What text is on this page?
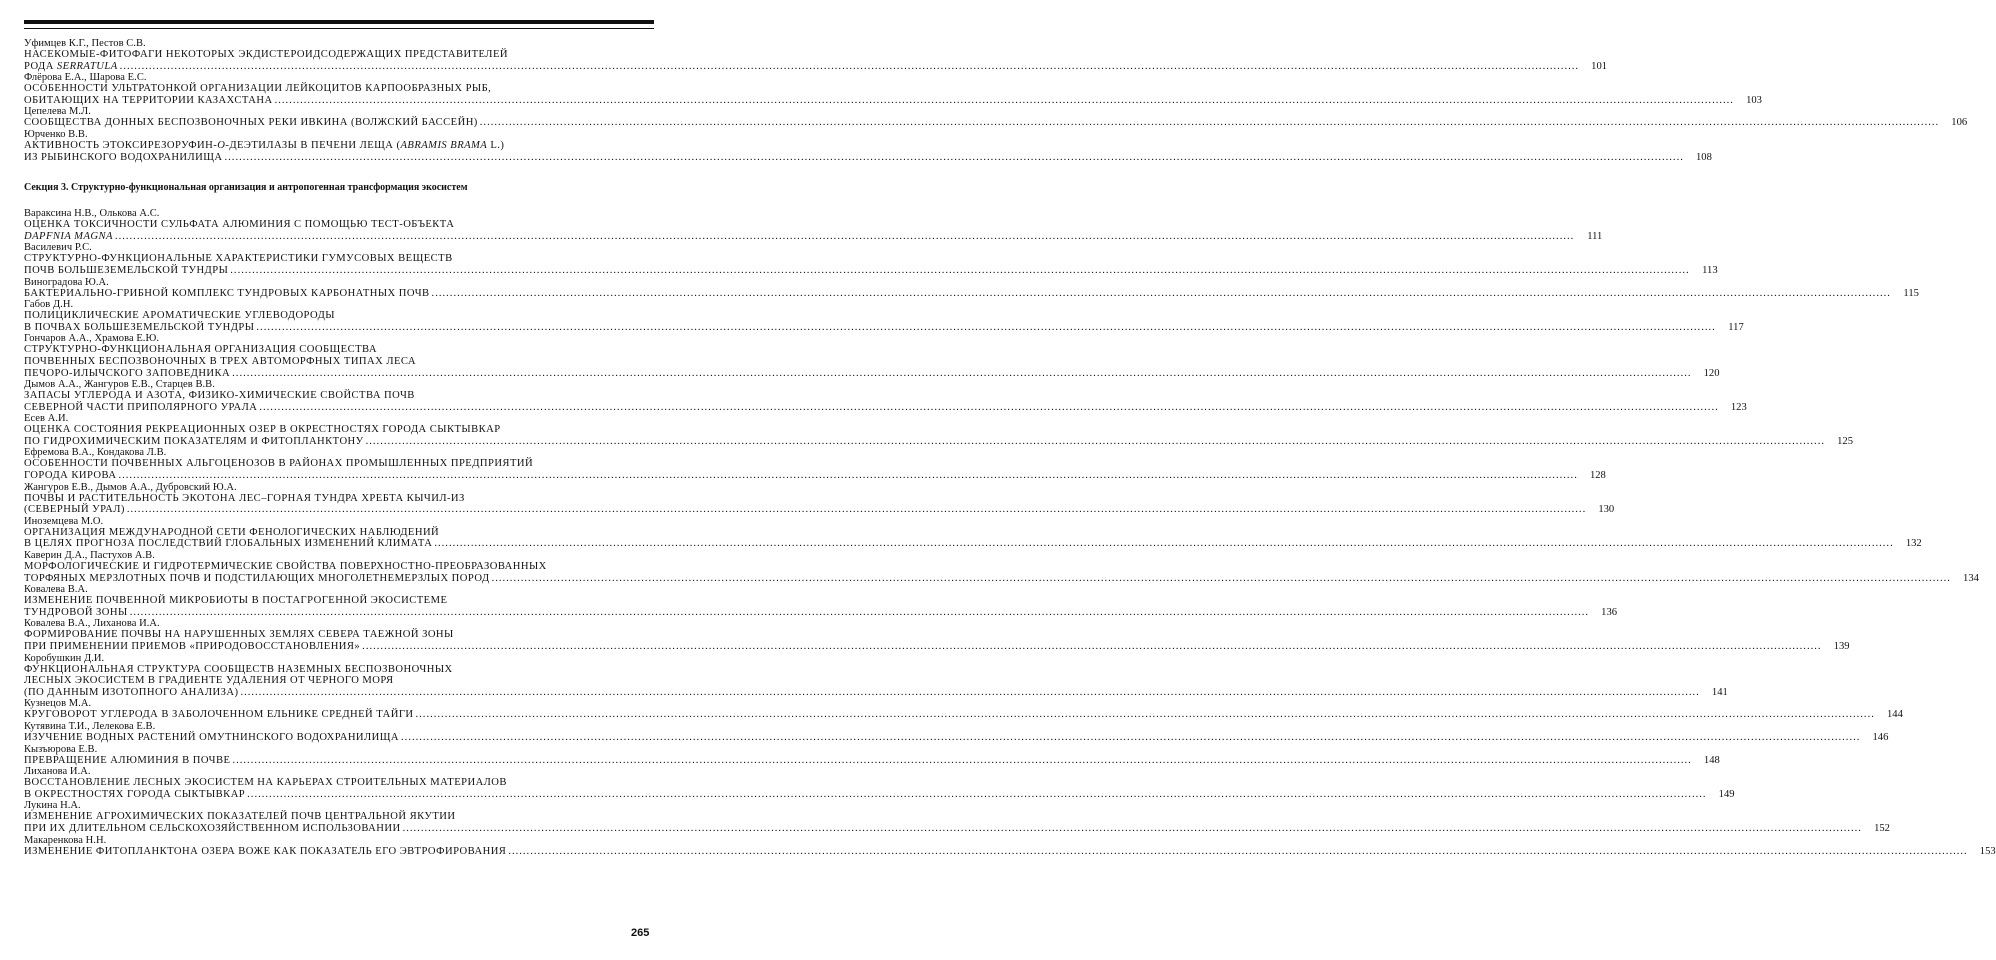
Уфимцев К.Г., Пестов С.В.
НАСЕКОМЫЕ-ФИТОФАГИ НЕКОТОРЫХ ЭКДИСТЕРОИДСОДЕРЖАЩИХ ПРЕДСТАВИТЕЛЕЙ
РОДА SERRATULA ................................................................................................................................................................................................................................................................................................................................................................................................................	101
Флёрова Е.А., Шарова Е.С.
ОСОБЕННОСТИ УЛЬТРАТОНКОЙ ОРГАНИЗАЦИИ ЛЕЙКОЦИТОВ КАРПООБРАЗНЫХ РЫБ,
ОБИТАЮЩИХ НА ТЕРРИТОРИИ КАЗАХСТАНА ................................................................................................................................................................................................................................................................................................................................................................................................................	103
Цепелева М.Л.
СООБЩЕСТВА ДОННЫХ БЕСПОЗВОНОЧНЫХ РЕКИ ИВКИНА (ВОЛЖСКИЙ БАССЕЙН) ................................................................................................................................................................................................................................................................................................................................................................................................................	106
Юрченко В.В.
АКТИВНОСТЬ ЭТОКСИРЕЗОРУФИН-O-ДЕЭТИЛАЗЫ В ПЕЧЕНИ ЛЕЩА (ABRAMIS BRAMA L.)
ИЗ РЫБИНСКОГО ВОДОХРАНИЛИЩА ................................................................................................................................................................................................................................................................................................................................................................................................................	108
Секция 3. Структурно-функциональная организация и антропогенная трансформация экосистем
Вараксина Н.В., Олькова А.С.
ОЦЕНКА ТОКСИЧНОСТИ СУЛЬФАТА АЛЮМИНИЯ С ПОМОЩЬЮ ТЕСТ-ОБЪЕКТА
DAPFNIA MAGNA ................................................................................................................................................................................................................................................................................................................................................................................................................	111
Василевич Р.С.
СТРУКТУРНО-ФУНКЦИОНАЛЬНЫЕ ХАРАКТЕРИСТИКИ ГУМУСОВЫХ ВЕЩЕСТВ
ПОЧВ БОЛЬШЕЗЕМЕЛЬСКОЙ ТУНДРЫ ................................................................................................................................................................................................................................................................................................................................................................................................................	113
Виноградова Ю.А.
БАКТЕРИАЛЬНО-ГРИБНОЙ КОМПЛЕКС ТУНДРОВЫХ КАРБОНАТНЫХ ПОЧВ ................................................................................................................................................................................................................................................................................................................................................................................................................	115
Габов Д.Н.
ПОЛИЦИКЛИЧЕСКИЕ АРОМАТИЧЕСКИЕ УГЛЕВОДОРОДЫ
В ПОЧВАХ БОЛЬШЕЗЕМЕЛЬСКОЙ ТУНДРЫ ................................................................................................................................................................................................................................................................................................................................................................................................................	117
Гончаров А.А., Храмова Е.Ю.
СТРУКТУРНО-ФУНКЦИОНАЛЬНАЯ ОРГАНИЗАЦИЯ СООБЩЕСТВА
ПОЧВЕННЫХ БЕСПОЗВОНОЧНЫХ В ТРЕХ АВТОМОРФНЫХ ТИПАХ ЛЕСА
ПЕЧОРО-ИЛЫЧСКОГО ЗАПОВЕДНИКА ................................................................................................................................................................................................................................................................................................................................................................................................................	120
Дымов А.А., Жангуров Е.В., Старцев В.В.
ЗАПАСЫ УГЛЕРОДА И АЗОТА, ФИЗИКО-ХИМИЧЕСКИЕ СВОЙСТВА ПОЧВ
СЕВЕРНОЙ ЧАСТИ ПРИПОЛЯРНОГО УРАЛА ................................................................................................................................................................................................................................................................................................................................................................................................................	123
Есев А.И.
ОЦЕНКА СОСТОЯНИЯ РЕКРЕАЦИОННЫХ ОЗЕР В ОКРЕСТНОСТЯХ ГОРОДА СЫКТЫВКАР
ПО ГИДРОХИМИЧЕСКИМ ПОКАЗАТЕЛЯМ И ФИТОПЛАНКТОНУ ................................................................................................................................................................................................................................................................................................................................................................................................................	125
Ефремова В.А., Кондакова Л.В.
ОСОБЕННОСТИ ПОЧВЕННЫХ АЛЬГОЦЕНОЗОВ В РАЙОНАХ ПРОМЫШЛЕННЫХ ПРЕДПРИЯТИЙ
ГОРОДА КИРОВА ................................................................................................................................................................................................................................................................................................................................................................................................................	128
Жангуров Е.В., Дымов А.А., Дубровский Ю.А.
ПОЧВЫ И РАСТИТЕЛЬНОСТЬ ЭКОТОНА ЛЕС–ГОРНАЯ ТУНДРА ХРЕБТА КЫЧИЛ-ИЗ
(СЕВЕРНЫЙ УРАЛ) ................................................................................................................................................................................................................................................................................................................................................................................................................	130
Иноземцева М.О.
ОРГАНИЗАЦИЯ МЕЖДУНАРОДНОЙ СЕТИ ФЕНОЛОГИЧЕСКИХ НАБЛЮДЕНИЙ
В ЦЕЛЯХ ПРОГНОЗА ПОСЛЕДСТВИЙ ГЛОБАЛЬНЫХ ИЗМЕНЕНИЙ КЛИМАТА ................................................................................................................................................................................................................................................................................................................................................................................................................	132
Каверин Д.А., Пастухов А.В.
МОРФОЛОГИЧЕСКИЕ И ГИДРОТЕРМИЧЕСКИЕ СВОЙСТВА ПОВЕРХНОСТНО-ПРЕОБРАЗОВАННЫХ
ТОРФЯНЫХ МЕРЗЛОТНЫХ ПОЧВ И ПОДСТИЛАЮЩИХ МНОГОЛЕТНЕМЕРЗЛЫХ ПОРОД ................................................................................................................................................................................................................................................................................................................................................................................................................	134
Ковалева В.А.
ИЗМЕНЕНИЕ ПОЧВЕННОЙ МИКРОБИОТЫ В ПОСТАГРОГЕННОЙ ЭКОСИСТЕМЕ
ТУНДРОВОЙ ЗОНЫ ................................................................................................................................................................................................................................................................................................................................................................................................................	136
Ковалева В.А., Лиханова И.А.
ФОРМИРОВАНИЕ ПОЧВЫ НА НАРУШЕННЫХ ЗЕМЛЯХ СЕВЕРА ТАЕЖНОЙ ЗОНЫ
ПРИ ПРИМЕНЕНИИ ПРИЕМОВ «ПРИРОДОВОССТАНОВЛЕНИЯ» ................................................................................................................................................................................................................................................................................................................................................................................................................	139
Коробушкин Д.И.
ФУНКЦИОНАЛЬНАЯ СТРУКТУРА СООБЩЕСТВ НАЗЕМНЫХ БЕСПОЗВОНОЧНЫХ
ЛЕСНЫХ ЭКОСИСТЕМ В ГРАДИЕНТЕ УДАЛЕНИЯ ОТ ЧЕРНОГО МОРЯ
(ПО ДАННЫМ ИЗОТОПНОГО АНАЛИЗА) ................................................................................................................................................................................................................................................................................................................................................................................................................	141
Кузнецов М.А.
КРУГОВОРОТ УГЛЕРОДА В ЗАБОЛОЧЕННОМ ЕЛЬНИКЕ СРЕДНЕЙ ТАЙГИ ................................................................................................................................................................................................................................................................................................................................................................................................................	144
Кутявина Т.И., Лелекова Е.В.
ИЗУЧЕНИЕ ВОДНЫХ РАСТЕНИЙ ОМУТНИНСКОГО ВОДОХРАНИЛИЩА ................................................................................................................................................................................................................................................................................................................................................................................................................	146
Кызъюрова Е.В.
ПРЕВРАЩЕНИЕ АЛЮМИНИЯ В ПОЧВЕ ................................................................................................................................................................................................................................................................................................................................................................................................................	148
Лиханова И.А.
ВОССТАНОВЛЕНИЕ ЛЕСНЫХ ЭКОСИСТЕМ НА КАРЬЕРАХ СТРОИТЕЛЬНЫХ МАТЕРИАЛОВ
В ОКРЕСТНОСТЯХ ГОРОДА СЫКТЫВКАР ................................................................................................................................................................................................................................................................................................................................................................................................................	149
Лукина Н.А.
ИЗМЕНЕНИЕ АГРОХИМИЧЕСКИХ ПОКАЗАТЕЛЕЙ ПОЧВ ЦЕНТРАЛЬНОЙ ЯКУТИИ
ПРИ ИХ ДЛИТЕЛЬНОМ СЕЛЬСКОХОЗЯЙСТВЕННОМ ИСПОЛЬЗОВАНИИ ................................................................................................................................................................................................................................................................................................................................................................................................................	152
Макаренкова Н.Н.
ИЗМЕНЕНИЕ ФИТОПЛАНКТОНА ОЗЕРА ВОЖЕ КАК ПОКАЗАТЕЛЬ ЕГО ЭВТРОФИРОВАНИЯ ................................................................................................................................................................................................................................................................................................................................................................................................................	153
265
